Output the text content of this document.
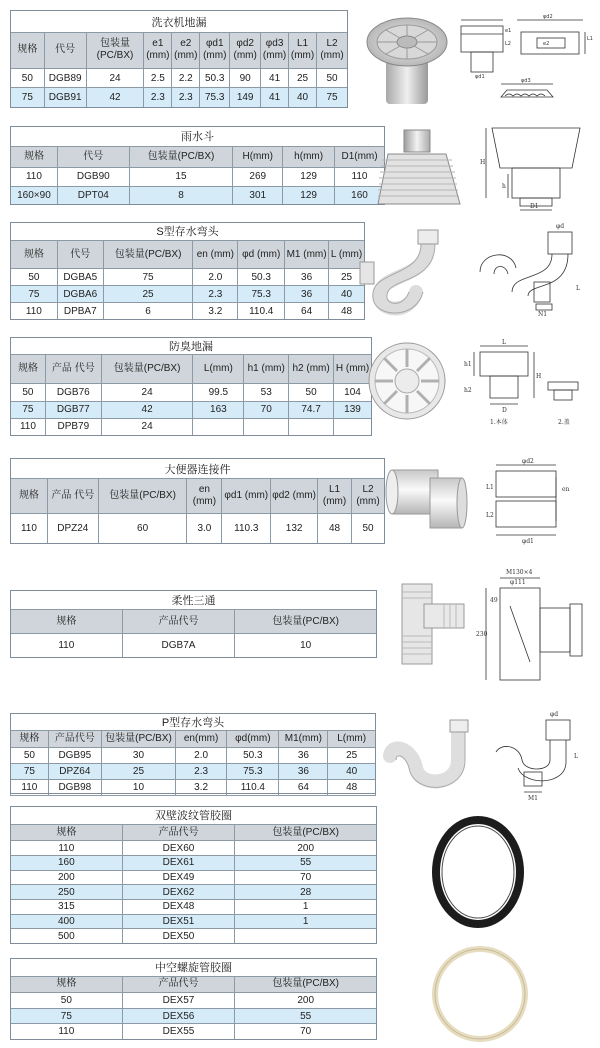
洗衣机地漏									
规格	代号	包装量(PC/BX)	e1 (mm)	e2 (mm)	φd1 (mm)	φd2 (mm)	φd3 (mm)	L1 (mm)	L2 (mm)
50	DGB89	24	2.5	2.2	50.3	90	41	25	50
75	DGB91	42	2.3	2.3	75.3	149	41	40	75
雨水斗					
规格	代号	包装量(PC/BX)	H(mm)	h(mm)	D1(mm)
110	DGB90	15	269	129	110
160×90	DPT04	8	301	129	160
S型存水弯头						
规格	代号	包装量(PC/BX)	en (mm)	φd (mm)	M1 (mm)	L (mm)
50	DGBA5	75	2.0	50.3	36	25
75	DGBA6	25	2.3	75.3	36	40
110	DPBA7	6	3.2	110.4	64	48
防臭地漏						
规格	产品 代号	包装量(PC/BX)	L(mm)	h1 (mm)	h2 (mm)	H (mm)
50	DGB76	24	99.5	53	50	104
75	DGB77	42	163	70	74.7	139
110	DPB79	24				
大便器连接件							
规格	产品 代号	包装量(PC/BX)	en (mm)	φd1 (mm)	φd2 (mm)	L1 (mm)	L2 (mm)
110	DPZ24	60	3.0	110.3	132	48	50
柔性三通		
规格	产品代号	包装量(PC/BX)
110	DGB7A	10
P型存水弯头						
规格	产品代号	包装量(PC/BX)	en(mm)	φd(mm)	M1(mm)	L(mm)
50	DGB95	30	2.0	50.3	36	25
75	DPZ64	25	2.3	75.3	36	40
110	DGB98	10	3.2	110.4	64	48
双壁波纹管胶圈		
规格	产品代号	包装量(PC/BX)
110	DEX60	200
160	DEX61	55
200	DEX49	70
250	DEX62	28
315	DEX48	1
400	DEX51	1
500	DEX50	
中空螺旋管胶圈		
规格	产品代号	包装量(PC/BX)
50	DEX57	200
75	DEX56	55
110	DEX55	70
φd2
e1
L2
L1
e2
φd1
φd3
H
h
D1
φd
L
N1
L
h1
h2
H
D
1.本体	2.盖
φd2
en
L1
L2
φd1
M130×4
φ111
49
230
φd
L
M1
